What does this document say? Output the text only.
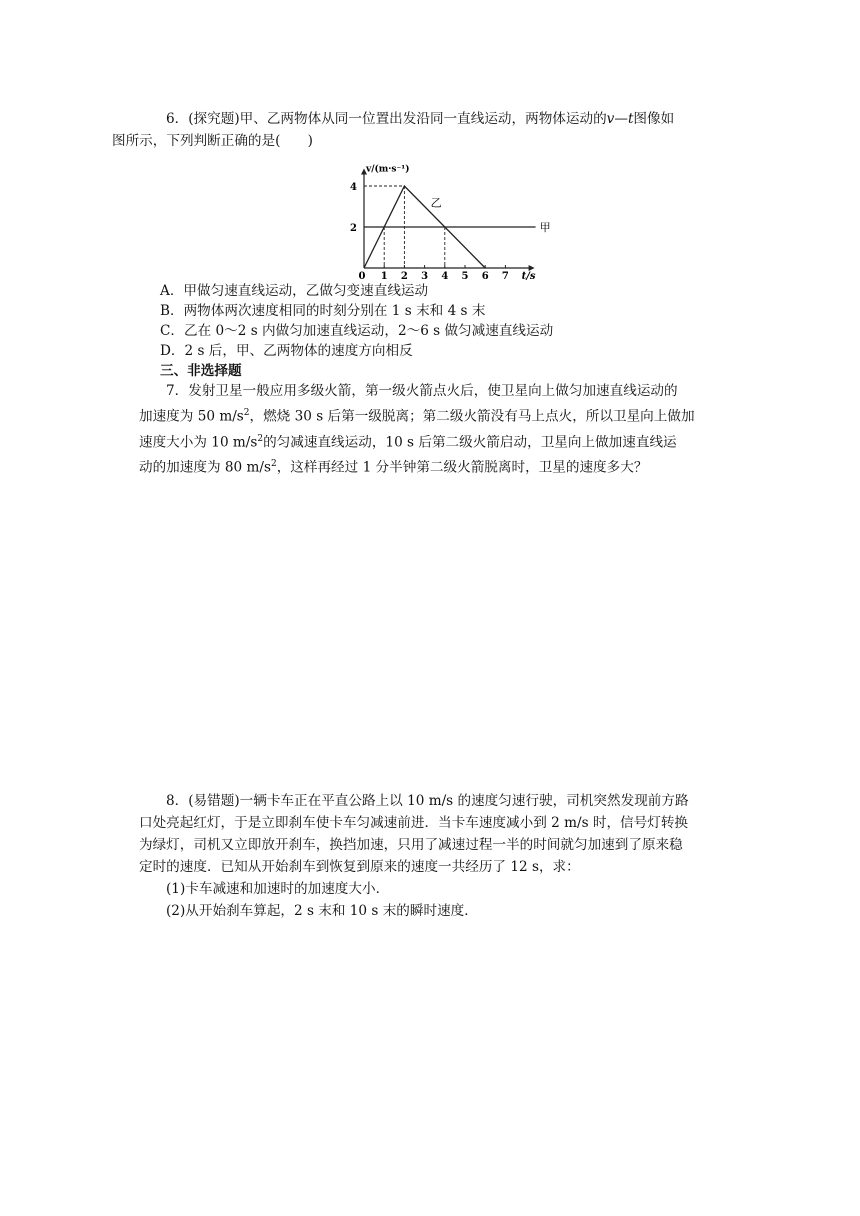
6．(探究题)甲、乙两物体从同一位置出发沿同一直线运动，两物体运动的v—t图像如
图所示，下列判断正确的是(　　)
0 1 2 3 4 5 6 7
2
4
v/(m·s⁻¹)
t/s
甲
乙

A．甲做匀速直线运动，乙做匀变速直线运动

B．两物体两次速度相同的时刻分别在 1 s 末和 4 s 末

C．乙在 0～2 s 内做匀加速直线运动，2～6 s 做匀减速直线运动

D．2 s 后，甲、乙两物体的速度方向相反

三、非选择题

7．发射卫星一般应用多级火箭，第一级火箭点火后，使卫星向上做匀加速直线运动的
加速度为 50 $m/s^2$，燃烧 30 s 后第一级脱离；第二级火箭没有马上点火，所以卫星向上做加
速度大小为 10 $m/s^2$的匀减速直线运动，10 s 后第二级火箭启动，卫星向上做加速直线运
动的加速度为 80 $m/s^2$，这样再经过 1 分半钟第二级火箭脱离时，卫星的速度多大？
8．(易错题)一辆卡车正在平直公路上以 10 m/s 的速度匀速行驶，司机突然发现前方路
口处亮起红灯，于是立即刹车使卡车匀减速前进．当卡车速度减小到 2 m/s 时，信号灯转换
为绿灯，司机又立即放开刹车，换挡加速，只用了减速过程一半的时间就匀加速到了原来稳
定时的速度．已知从开始刹车到恢复到原来的速度一共经历了 12 s，求：
(1)卡车减速和加速时的加速度大小．
(2)从开始刹车算起，2 s 末和 10 s 末的瞬时速度．
